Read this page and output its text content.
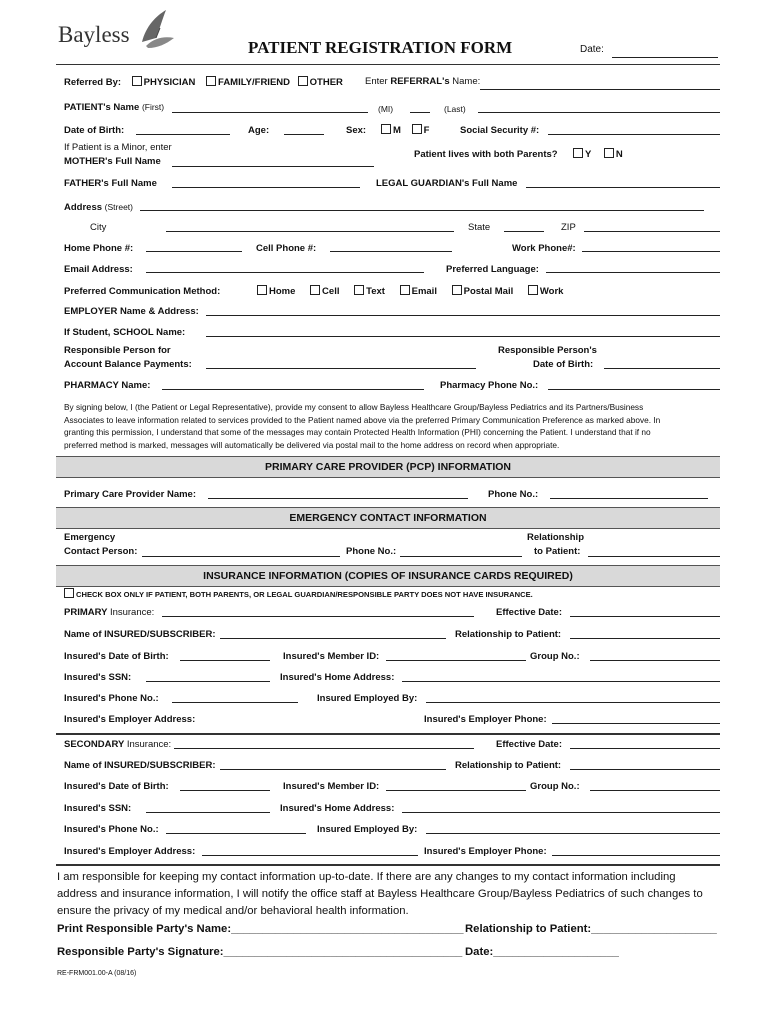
Bayless
PATIENT REGISTRATION FORM	Date:
Referred By: PHYSICIAN FAMILY/FRIEND OTHER Enter REFERRAL's Name:
PATIENT's Name (First)	(MI)	(Last)
Date of Birth:	Age:	Sex:	M F	Social Security #:
If Patient is a Minor, enter
MOTHER's Full Name
Patient lives with both Parents?	Y	N
FATHER's Full Name	LEGAL GUARDIAN's Full Name
Address (Street)
City	State	ZIP
Home Phone #:	Cell Phone #:	Work Phone#:
Email Address:	Preferred Language:
Preferred Communication Method:	Home	Cell	Text	Email	Postal Mail	Work
EMPLOYER Name & Address:
If Student, SCHOOL Name:
Responsible Person for
Account Balance Payments:
Responsible Person's
Date of Birth:
PHARMACY Name:	Pharmacy Phone No.:
By signing below, I (the Patient or Legal Representative), provide my consent to allow Bayless Healthcare Group/Bayless Pediatrics and its Partners/Business
Associates to leave information related to services provided to the Patient named above via the preferred Primary Communication Preference as marked above. In
granting this permission, I understand that some of the messages may contain Protected Health Information (PHI) concerning the Patient. I understand that if no
preferred method is marked, messages will automatically be delivered via postal mail to the home address on record when appropriate.
PRIMARY CARE PROVIDER (PCP) INFORMATION
Primary Care Provider Name:	Phone No.:
EMERGENCY CONTACT INFORMATION
Emergency
Contact Person:	Phone No.:
Relationship
to Patient:
INSURANCE INFORMATION (COPIES OF INSURANCE CARDS REQUIRED)
CHECK BOX ONLY IF PATIENT, BOTH PARENTS, OR LEGAL GUARDIAN/RESPONSIBLE PARTY DOES NOT HAVE INSURANCE.
PRIMARY Insurance:	Effective Date:
Name of INSURED/SUBSCRIBER:	Relationship to Patient:
Insured's Date of Birth:	Insured's Member ID:	Group No.:
Insured's SSN:	Insured's Home Address:
Insured's Phone No.:	Insured Employed By:
Insured's Employer Address:	Insured's Employer Phone:
SECONDARY Insurance:	Effective Date:
Name of INSURED/SUBSCRIBER:	Relationship to Patient:
Insured's Date of Birth:	Insured's Member ID:	Group No.:
Insured's SSN:	Insured's Home Address:
Insured's Phone No.:	Insured Employed By:
Insured's Employer Address:	Insured's Employer Phone:
I am responsible for keeping my contact information up-to-date. If there are any changes to my contact information including
address and insurance information, I will notify the office staff at Bayless Healthcare Group/Bayless Pediatrics of such changes to
ensure the privacy of my medical and/or behavioral health information.
Print Responsible Party's Name:_____________________________________ Relationship to Patient:____________________
Responsible Party's Signature:______________________________________ Date:____________________
RE-FRM001.00-A (08/16)
